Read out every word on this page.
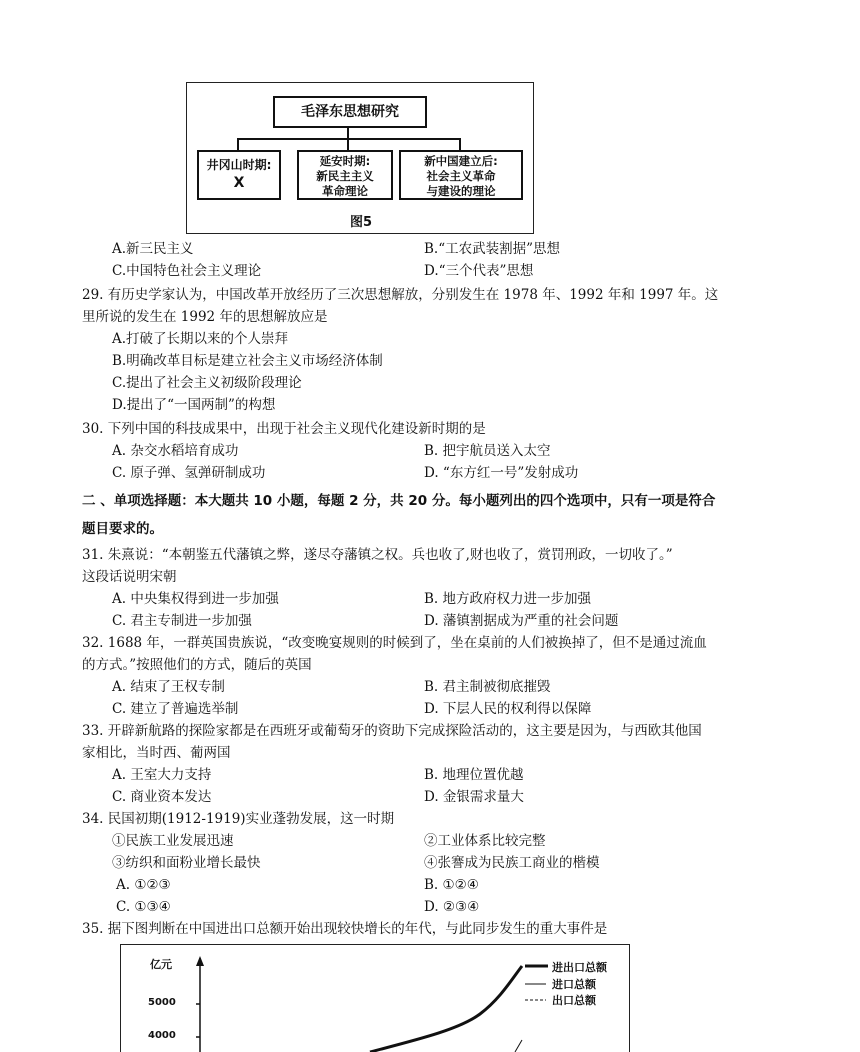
毛泽东思想研究
井冈山时期:
X
延安时期:
新民主主义
革命理论
新中国建立后:
社会主义革命
与建设的理论
图5
A.新三民主义	B.“工农武装割据”思想
C.中国特色社会主义理论	D.“三个代表”思想
29. 有历史学家认为，中国改革开放经历了三次思想解放，分别发生在 1978 年、1992 年和 1997 年。这
里所说的发生在 1992 年的思想解放应是
A.打破了长期以来的个人崇拜
B.明确改革目标是建立社会主义市场经济体制
C.提出了社会主义初级阶段理论
D.提出了“一国两制”的构想
30. 下列中国的科技成果中，出现于社会主义现代化建设新时期的是
A. 杂交水稻培育成功	B. 把宇航员送入太空
C. 原子弹、氢弹研制成功	D. “东方红一号”发射成功
二 、单项选择题：本大题共 10 小题，每题 2 分，共 20 分。每小题列出的四个选项中，只有一项是符合
题目要求的。
31. 朱熹说：“本朝鉴五代藩镇之弊，遂尽夺藩镇之权。兵也收了,财也收了，赏罚刑政，一切收了。”
这段话说明宋朝
A. 中央集权得到进一步加强	B. 地方政府权力进一步加强
C. 君主专制进一步加强	D. 藩镇割据成为严重的社会问题
32. 1688 年，一群英国贵族说，“改变晚宴规则的时候到了，坐在桌前的人们被换掉了，但不是通过流血
的方式。”按照他们的方式，随后的英国
A. 结束了王权专制	B. 君主制被彻底摧毁
C. 建立了普遍选举制	D. 下层人民的权利得以保障
33. 开辟新航路的探险家都是在西班牙或葡萄牙的资助下完成探险活动的，这主要是因为，与西欧其他国
家相比，当时西、葡两国
A. 王室大力支持	B. 地理位置优越
C. 商业资本发达	D. 金银需求量大
34. 民国初期(1912-1919)实业蓬勃发展，这一时期
①民族工业发展迅速	②工业体系比较完整
③纺织和面粉业增长最快	④张謇成为民族工商业的楷模
A. ①②③	B. ①②④
C. ①③④	D. ②③④
35. 据下图判断在中国进出口总额开始出现较快增长的年代，与此同步发生的重大事件是
亿元
5000
4000
进出口总额
进口总额
出口总额
